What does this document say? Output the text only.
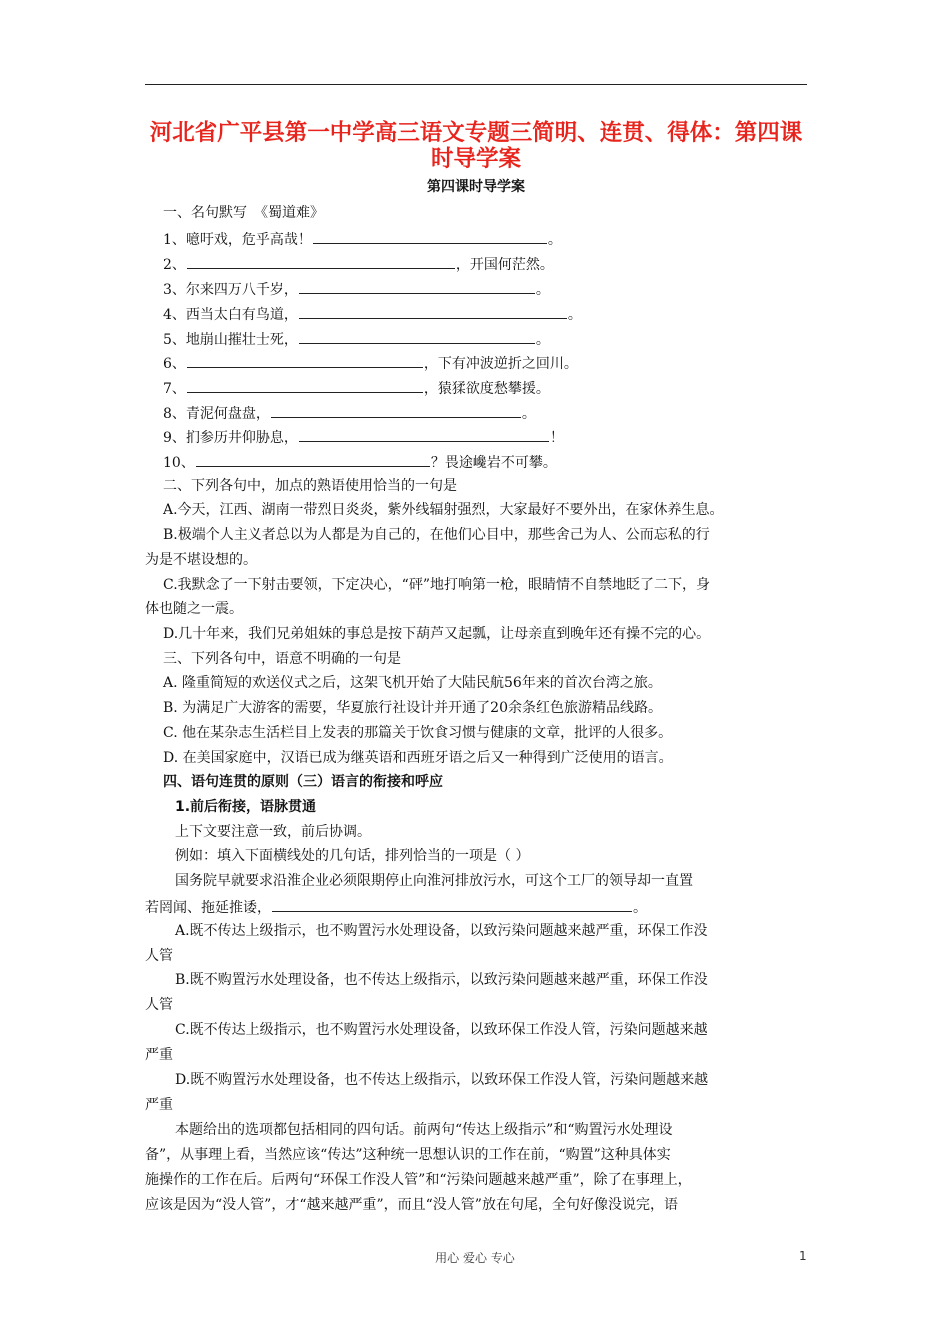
河北省广平县第一中学高三语文专题三简明、连贯、得体：第四课时导学案
第四课时导学案
一、名句默写　《蜀道难》
1、噫吁戏，危乎高哉！	。
2、	，开国何茫然。
3、尔来四万八千岁，	。
4、西当太白有鸟道，	。
5、地崩山摧壮士死，	。
6、	，下有冲波逆折之回川。
7、	，猿猱欲度愁攀援。
8、青泥何盘盘，	。
9、扪参历井仰胁息，	！
10、	？畏途巉岩不可攀。
二、下列各句中，加点的熟语使用恰当的一句是
A.今天，江西、湖南一带烈日炎炎，紫外线辐射强烈，大家最好不要外出，在家休养生息。
B.极端个人主义者总以为人都是为自己的，在他们心目中，那些舍己为人、公而忘私的行
为是不堪设想的。
C.我默念了一下射击要领，下定决心，“砰”地打响第一枪，眼睛情不自禁地眨了二下，身
体也随之一震。
D.几十年来，我们兄弟姐妹的事总是按下葫芦又起瓢，让母亲直到晚年还有操不完的心。
三、下列各句中，语意不明确的一句是
A. 隆重简短的欢送仪式之后，这架飞机开始了大陆民航56年来的首次台湾之旅。
B. 为满足广大游客的需要，华夏旅行社设计并开通了20余条红色旅游精品线路。
C. 他在某杂志生活栏目上发表的那篇关于饮食习惯与健康的文章，批评的人很多。
D. 在美国家庭中，汉语已成为继英语和西班牙语之后又一种得到广泛使用的语言。
四、语句连贯的原则（三）语言的衔接和呼应
1.前后衔接，语脉贯通
上下文要注意一致，前后协调。
例如：填入下面横线处的几句话，排列恰当的一项是（ ）
国务院早就要求沿淮企业必须限期停止向淮河排放污水，可这个工厂的领导却一直置
若罔闻、拖延推诿，	。
A.既不传达上级指示，也不购置污水处理设备，以致污染问题越来越严重，环保工作没
人管
B.既不购置污水处理设备，也不传达上级指示，以致污染问题越来越严重，环保工作没
人管
C.既不传达上级指示，也不购置污水处理设备，以致环保工作没人管，污染问题越来越
严重
D.既不购置污水处理设备，也不传达上级指示，以致环保工作没人管，污染问题越来越
严重
本题给出的选项都包括相同的四句话。前两句“传达上级指示”和“购置污水处理设
备”，从事理上看，当然应该“传达”这种统一思想认识的工作在前，“购置”这种具体实
施操作的工作在后。后两句“环保工作没人管”和“污染问题越来越严重”，除了在事理上，
应该是因为“没人管”，才“越来越严重”，而且“没人管”放在句尾，全句好像没说完，语
用心 爱心 专心	1
